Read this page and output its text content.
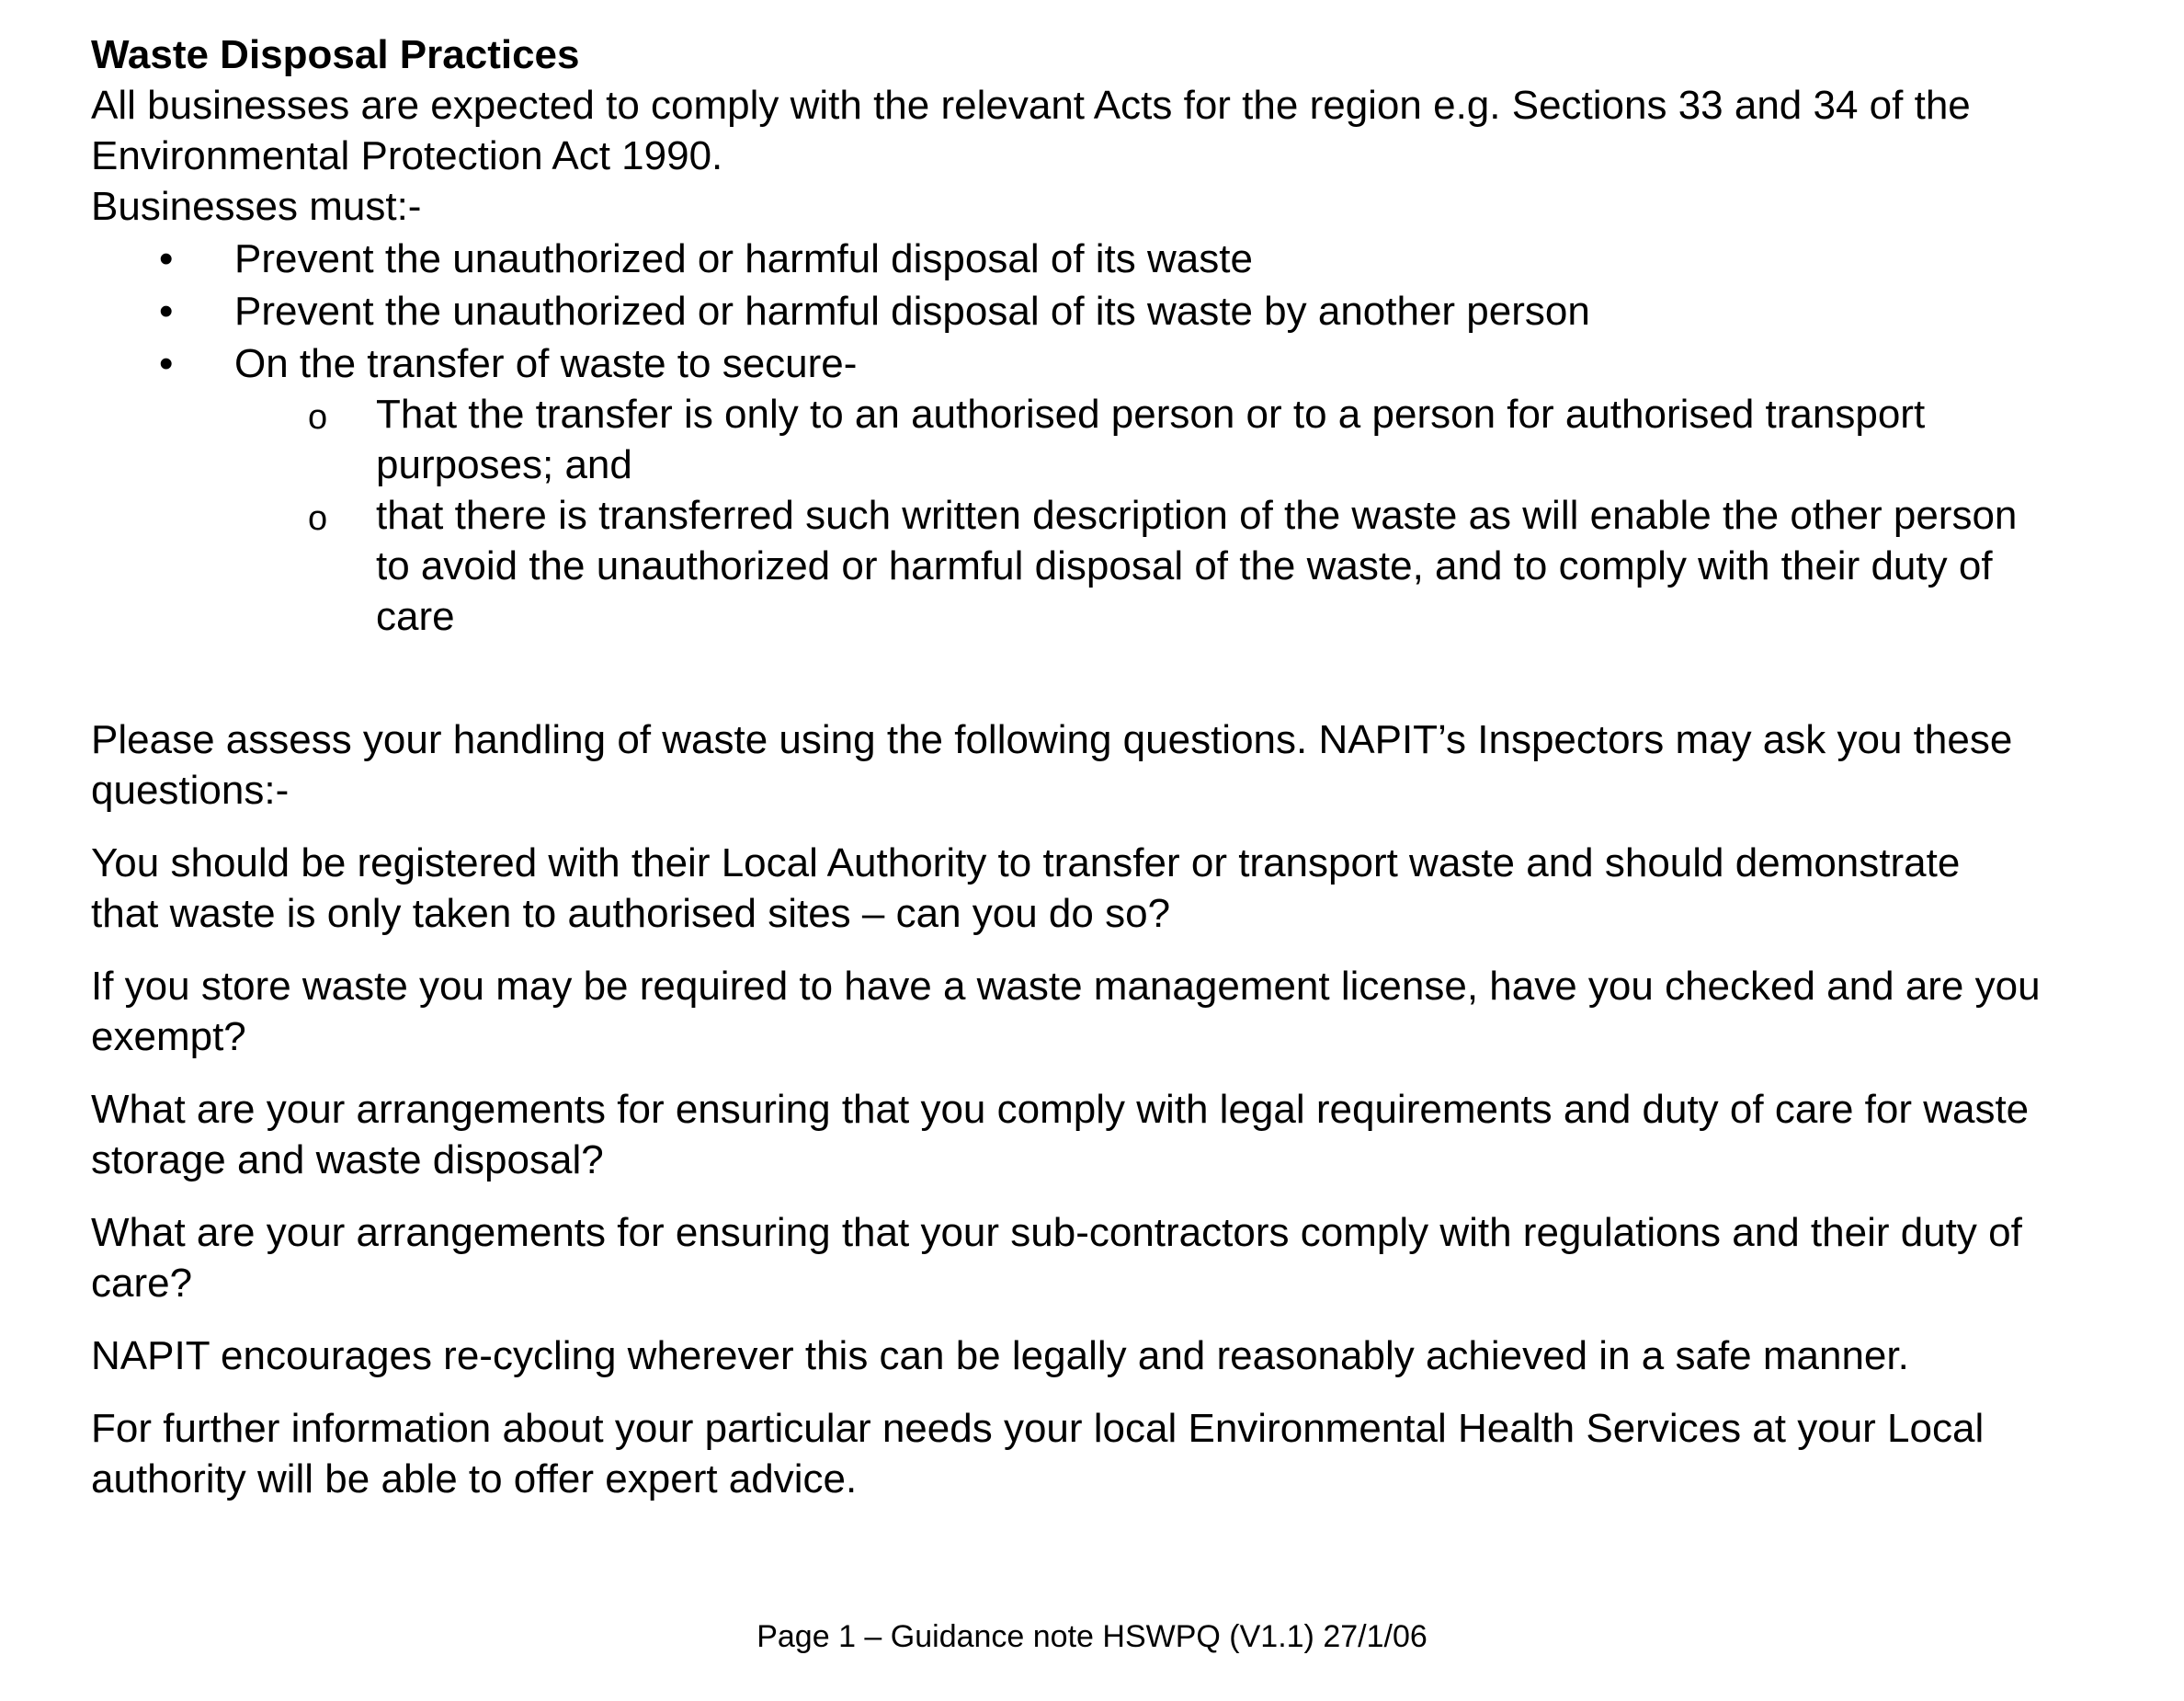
Waste Disposal Practices

All businesses are expected to comply with the relevant Acts for the region e.g. Sections 33 and 34 of the Environmental Protection Act 1990.

Businesses must:-

• Prevent the unauthorized or harmful disposal of its waste
• Prevent the unauthorized or harmful disposal of its waste by another person
• On the transfer of waste to secure-
o That the transfer is only to an authorised person or to a person for authorised transport purposes; and
o that there is transferred such written description of the waste as will enable the other person to avoid the unauthorized or harmful disposal of the waste, and to comply with their duty of care

Please assess your handling of waste using the following questions. NAPIT’s Inspectors may ask you these questions:-

You should be registered with their Local Authority to transfer or transport waste and should demonstrate that waste is only taken to authorised sites – can you do so?

If you store waste you may be required to have a waste management license, have you checked and are you exempt?

What are your arrangements for ensuring that you comply with legal requirements and duty of care for waste storage and waste disposal?

What are your arrangements for ensuring that your sub-contractors comply with regulations and their duty of care?

NAPIT encourages re-cycling wherever this can be legally and reasonably achieved in a safe manner.

For further information about your particular needs your local Environmental Health Services at your Local authority will be able to offer expert advice.

Page 1 – Guidance note HSWPQ (V1.1) 27/1/06
